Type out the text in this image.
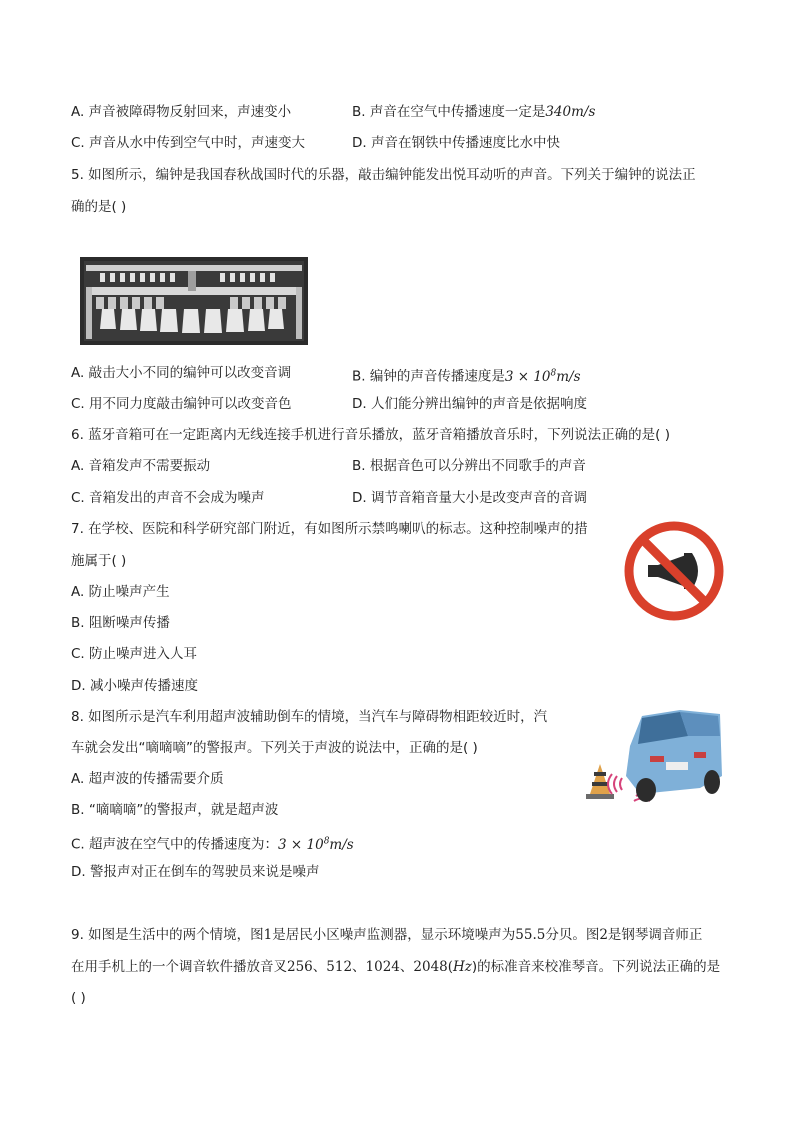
A. 声音被障碍物反射回来，声速变小	B. 声音在空气中传播速度一定是340m/s
C. 声音从水中传到空气中时，声速变大	D. 声音在钢铁中传播速度比水中快
5. 如图所示，编钟是我国春秋战国时代的乐器，敲击编钟能发出悦耳动听的声音。下列关于编钟的说法正
确的是( )
A. 敲击大小不同的编钟可以改变音调	B. 编钟的声音传播速度是$3 \times 10^8m/s$
C. 用不同力度敲击编钟可以改变音色	D. 人们能分辨出编钟的声音是依据响度
6. 蓝牙音箱可在一定距离内无线连接手机进行音乐播放，蓝牙音箱播放音乐时，下列说法正确的是( )
A. 音箱发声不需要振动	B. 根据音色可以分辨出不同歌手的声音
C. 音箱发出的声音不会成为噪声	D. 调节音箱音量大小是改变声音的音调
7. 在学校、医院和科学研究部门附近，有如图所示禁鸣喇叭的标志。这种控制噪声的措
施属于( )
A. 防止噪声产生
B. 阻断噪声传播
C. 防止噪声进入人耳
D. 减小噪声传播速度
8. 如图所示是汽车利用超声波辅助倒车的情境，当汽车与障碍物相距较近时，汽
车就会发出“嘀嘀嘀”的警报声。下列关于声波的说法中，正确的是( )
A. 超声波的传播需要介质
B. “嘀嘀嘀”的警报声，就是超声波
C. 超声波在空气中的传播速度为：$3 \times 10^8m/s$
D. 警报声对正在倒车的驾驶员来说是噪声
9. 如图是生活中的两个情境，图1是居民小区噪声监测器，显示环境噪声为55.5分贝。图2是钢琴调音师正
在用手机上的一个调音软件播放音叉256、512、1024、2048(Hz)的标准音来校准琴音。下列说法正确的是
( )
